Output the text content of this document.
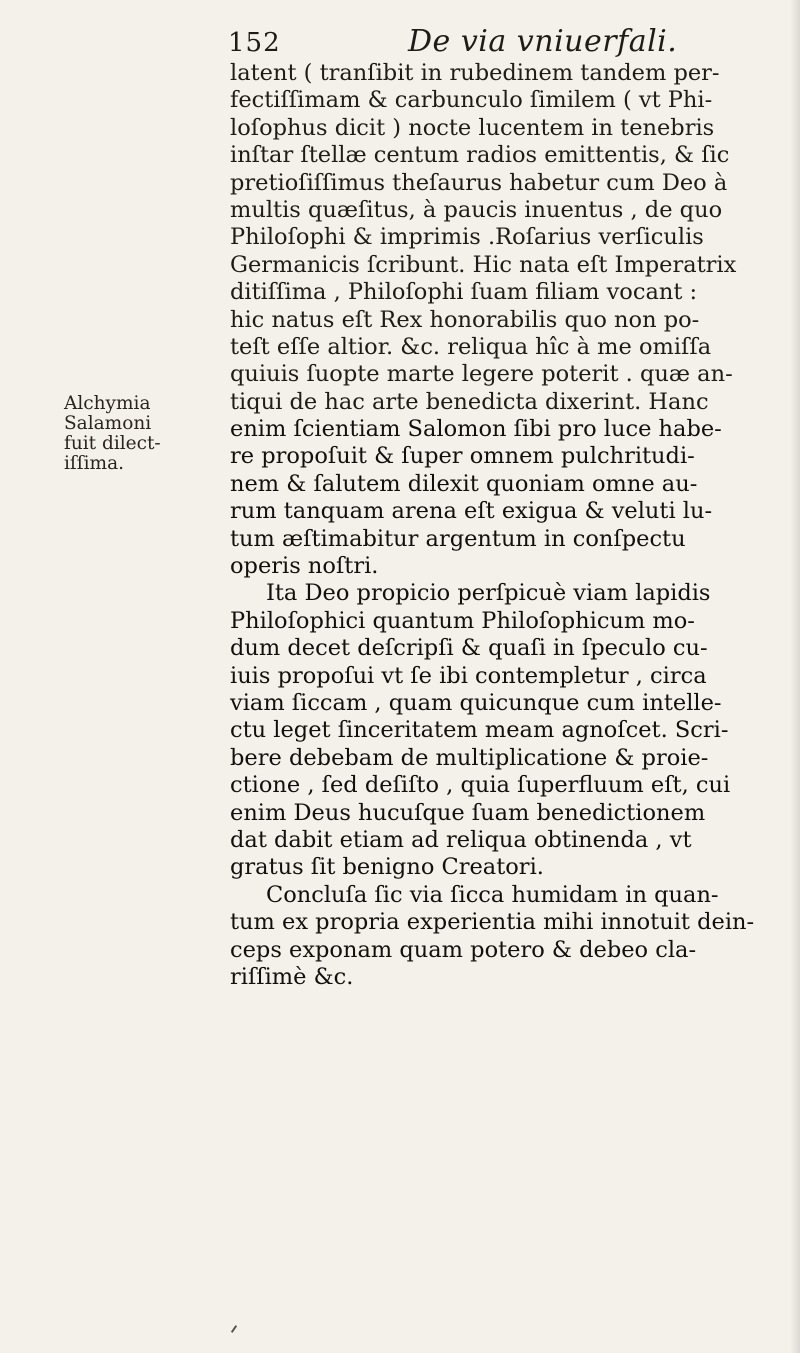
152	De via vniuerfali.
Alchymia
Salamoni
fuit dilect-
iſſima.
latent ( tranſibit in rubedinem tandem per-
fectiſſimam & carbunculo ſimilem ( vt Phi-
loſophus dicit ) nocte lucentem in tenebris
inſtar ſtellæ centum radios emittentis, & ſic
pretioſiſſimus theſaurus habetur cum Deo à
multis quæſitus, à paucis inuentus , de quo
Philoſophi & imprimis .Roſarius verſiculis
Germanicis ſcribunt. Hic nata eſt Imperatrix
ditiſſima , Philoſophi ſuam filiam vocant :
hic natus eſt Rex honorabilis quo non po-
teſt eſſe altior. &c. reliqua hîc à me omiſſa
quiuis ſuopte marte legere poterit . quæ an-
tiqui de hac arte benedicta dixerint. Hanc
enim ſcientiam Salomon ſibi pro luce habe-
re propoſuit & ſuper omnem pulchritudi-
nem & ſalutem dilexit quoniam omne au-
rum tanquam arena eſt exigua & veluti lu-
tum æſtimabitur argentum in conſpectu
operis noſtri.
Ita Deo propicio perſpicuè viam lapidis
Philoſophici quantum Philoſophicum mo-
dum decet deſcripſi & quaſi in ſpeculo cu-
iuis propoſui vt ſe ibi contempletur , circa
viam ſiccam , quam quicunque cum intelle-
ctu leget ſinceritatem meam agnoſcet. Scri-
bere debebam de multiplicatione & proie-
ctione , ſed deſiſto , quia ſuperfluum eſt, cui
enim Deus hucuſque ſuam benedictionem
dat dabit etiam ad reliqua obtinenda , vt
gratus ſit benigno Creatori.
Concluſa ſic via ſicca humidam in quan-
tum ex propria experientia mihi innotuit dein-
ceps exponam quam potero & debeo cla-
riſſimè &c.
